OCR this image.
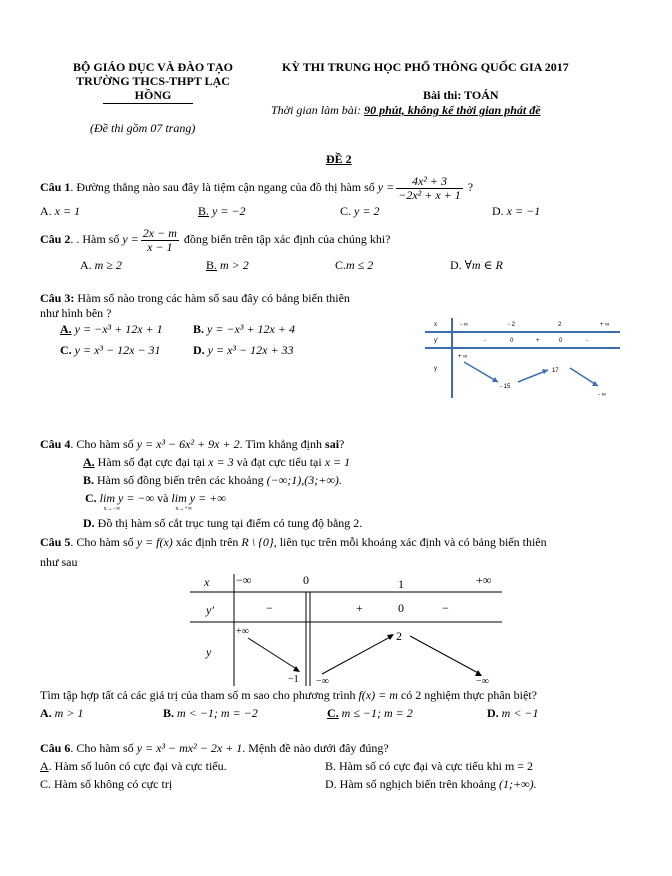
BỘ GIÁO DỤC VÀ ĐÀO TẠO
TRƯỜNG THCS-THPT LẠC
HỒNG
(Đề thi gồm 07 trang)
KỲ THI TRUNG HỌC PHỔ THÔNG QUỐC GIA 2017
Bài thi: TOÁN
Thời gian làm bài: 90 phút, không kể thời gian phát đề
ĐỀ 2
Câu 1. Đường thẳng nào sau đây là tiệm cận ngang của đồ thị hàm số $y = \frac{\text{4x² + 3}}{\text{−2x² + x + 1}}$ ?
A. x = 1	B. y = −2	C. y = 2	D. x = −1
Câu 2. . Hàm số $y = \frac{2x - m}{x - 1}$ đồng biến trên tập xác định của chúng khi?
A. m ≥ 2	B. m > 2	C.m ≤ 2	D. ∀m ∈ R
Câu 3: Hàm số nào trong các hàm số sau đây có bảng biến thiên
như hình bên ?
A. y = −x³ + 12x + 1	B. y = −x³ + 12x + 4
C. y = x³ − 12x − 31	D. y = x³ − 12x + 33
x	- ∞	- 2	2	+ ∞
y'	-	0	+	0	-
y
+ ∞
- 15
17
- ∞
Câu 4. Cho hàm số y = x³ − 6x² + 9x + 2. Tìm khẳng định sai?
A. Hàm số đạt cực đại tại x = 3 và đạt cực tiểu tại x = 1
B. Hàm số đồng biến trên các khoảng (−∞;1),(3;+∞).
C. lim y = −∞

x→−∞
và lim y = +∞

x→+∞
D. Đồ thị hàm số cắt trục tung tại điểm có tung độ bằng 2.
Câu 5. Cho hàm số y = f(x) xác định trên R \ {0}, liên tục trên mỗi khoảng xác định và có bảng biến thiên
như sau
x −∞	0	1	+∞
y′	−	+	0	−
y
+∞
−1 −∞
2
−∞
Tìm tập hợp tất cả các giá trị của tham số m sao cho phương trình f(x) = m có 2 nghiệm thực phân biệt?
A. m > 1	B. m < −1; m = −2	C. m ≤ −1; m = 2	D. m < −1
Câu 6. Cho hàm số y = x³ − mx² − 2x + 1. Mệnh đề nào dưới đây đúng?
A. Hàm số luôn có cực đại và cực tiểu.	B. Hàm số có cực đại và cực tiểu khi m = 2
C. Hàm số không có cực trị	D. Hàm số nghịch biến trên khoảng (1;+∞).
